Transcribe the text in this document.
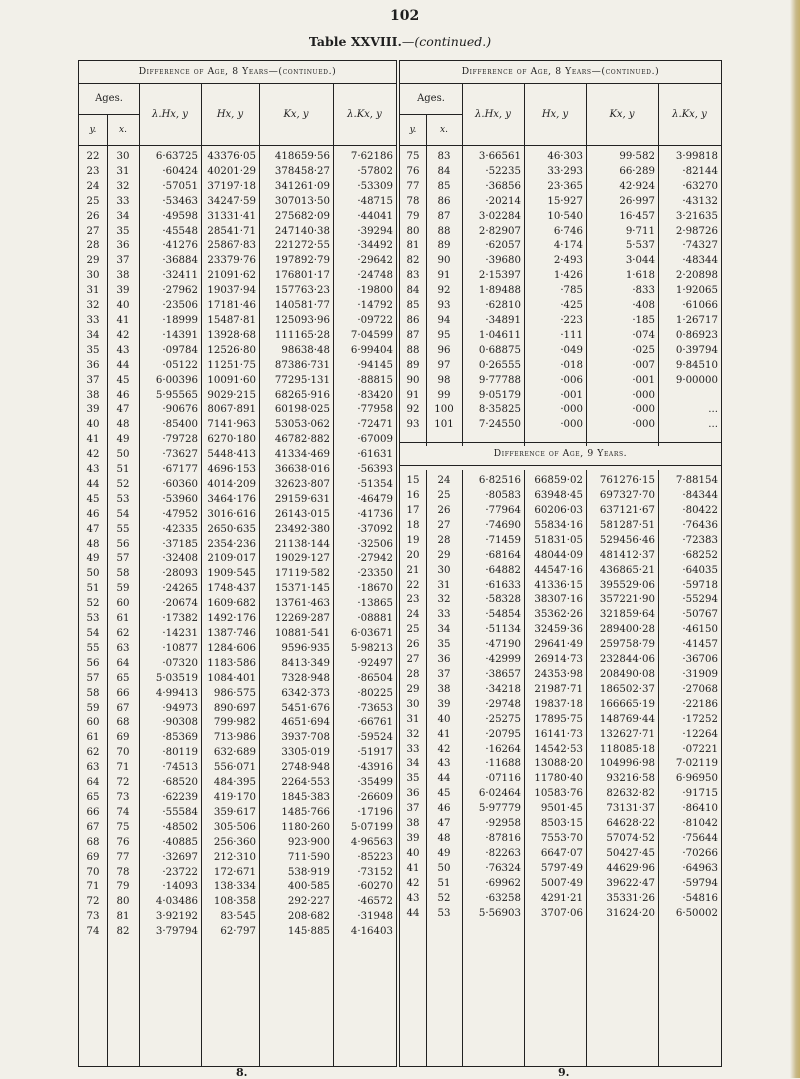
102
Table XXVIII.—(continued.)
Difference of Age, 8 Years—(continued.)
Ages.
y.	x.
λ.Hx, y	Hx, y	Kx, y	λ.Kx, y
22	30	6·63725	43376·05	418659·56	7·62186
23	31	·60424	40201·29	378458·27	·57802
24	32	·57051	37197·18	341261·09	·53309
25	33	·53463	34247·59	307013·50	·48715
26	34	·49598	31331·41	275682·09	·44041
27	35	·45548	28541·71	247140·38	·39294
28	36	·41276	25867·83	221272·55	·34492
29	37	·36884	23379·76	197892·79	·29642
30	38	·32411	21091·62	176801·17	·24748
31	39	·27962	19037·94	157763·23	·19800
32	40	·23506	17181·46	140581·77	·14792
33	41	·18999	15487·81	125093·96	·09722
34	42	·14391	13928·68	111165·28	7·04599
35	43	·09784	12526·80	98638·48	6·99404
36	44	·05122	11251·75	87386·731	·94145
37	45	6·00396	10091·60	77295·131	·88815
38	46	5·95565	9029·215	68265·916	·83420
39	47	·90676	8067·891	60198·025	·77958
40	48	·85400	7141·963	53053·062	·72471
41	49	·79728	6270·180	46782·882	·67009
42	50	·73627	5448·413	41334·469	·61631
43	51	·67177	4696·153	36638·016	·56393
44	52	·60360	4014·209	32623·807	·51354
45	53	·53960	3464·176	29159·631	·46479
46	54	·47952	3016·616	26143·015	·41736
47	55	·42335	2650·635	23492·380	·37092
48	56	·37185	2354·236	21138·144	·32506
49	57	·32408	2109·017	19029·127	·27942
50	58	·28093	1909·545	17119·582	·23350
51	59	·24265	1748·437	15371·145	·18670
52	60	·20674	1609·682	13761·463	·13865
53	61	·17382	1492·176	12269·287	·08881
54	62	·14231	1387·746	10881·541	6·03671
55	63	·10877	1284·606	9596·935	5·98213
56	64	·07320	1183·586	8413·349	·92497
57	65	5·03519	1084·401	7328·948	·86504
58	66	4·99413	986·575	6342·373	·80225
59	67	·94973	890·697	5451·676	·73653
60	68	·90308	799·982	4651·694	·66761
61	69	·85369	713·986	3937·708	·59524
62	70	·80119	632·689	3305·019	·51917
63	71	·74513	556·071	2748·948	·43916
64	72	·68520	484·395	2264·553	·35499
65	73	·62239	419·170	1845·383	·26609
66	74	·55584	359·617	1485·766	·17196
67	75	·48502	305·506	1180·260	5·07199
68	76	·40885	256·360	923·900	4·96563
69	77	·32697	212·310	711·590	·85223
70	78	·23722	172·671	538·919	·73152
71	79	·14093	138·334	400·585	·60270
72	80	4·03486	108·358	292·227	·46572
73	81	3·92192	83·545	208·682	·31948
74	82	3·79794	62·797	145·885	4·16403
Difference of Age, 8 Years—(continued.)
Ages.
y.	x.
λ.Hx, y	Hx, y	Kx, y	λ.Kx, y
75	83	3·66561	46·303	99·582	3·99818
76	84	·52235	33·293	66·289	·82144
77	85	·36856	23·365	42·924	·63270
78	86	·20214	15·927	26·997	·43132
79	87	3·02284	10·540	16·457	3·21635
80	88	2·82907	6·746	9·711	2·98726
81	89	·62057	4·174	5·537	·74327
82	90	·39680	2·493	3·044	·48344
83	91	2·15397	1·426	1·618	2·20898
84	92	1·89488	·785	·833	1·92065
85	93	·62810	·425	·408	·61066
86	94	·34891	·223	·185	1·26717
87	95	1·04611	·111	·074	0·86923
88	96	0·68875	·049	·025	0·39794
89	97	0·26555	·018	·007	9·84510
90	98	9·77788	·006	·001	9·00000
91	99	9·05179	·001	·000	
92	100	8·35825	·000	·000	...
93	101	7·24550	·000	·000	...
Difference of Age, 9 Years.
15	24	6·82516	66859·02	761276·15	7·88154
16	25	·80583	63948·45	697327·70	·84344
17	26	·77964	60206·03	637121·67	·80422
18	27	·74690	55834·16	581287·51	·76436
19	28	·71459	51831·05	529456·46	·72383
20	29	·68164	48044·09	481412·37	·68252
21	30	·64882	44547·16	436865·21	·64035
22	31	·61633	41336·15	395529·06	·59718
23	32	·58328	38307·16	357221·90	·55294
24	33	·54854	35362·26	321859·64	·50767
25	34	·51134	32459·36	289400·28	·46150
26	35	·47190	29641·49	259758·79	·41457
27	36	·42999	26914·73	232844·06	·36706
28	37	·38657	24353·98	208490·08	·31909
29	38	·34218	21987·71	186502·37	·27068
30	39	·29748	19837·18	166665·19	·22186
31	40	·25275	17895·75	148769·44	·17252
32	41	·20795	16141·73	132627·71	·12264
33	42	·16264	14542·53	118085·18	·07221
34	43	·11688	13088·20	104996·98	7·02119
35	44	·07116	11780·40	93216·58	6·96950
36	45	6·02464	10583·76	82632·82	·91715
37	46	5·97779	9501·45	73131·37	·86410
38	47	·92958	8503·15	64628·22	·81042
39	48	·87816	7553·70	57074·52	·75644
40	49	·82263	6647·07	50427·45	·70266
41	50	·76324	5797·49	44629·96	·64963
42	51	·69962	5007·49	39622·47	·59794
43	52	·63258	4291·21	35331·26	·54816
44	53	5·56903	3707·06	31624·20	6·50002
8.	9.
